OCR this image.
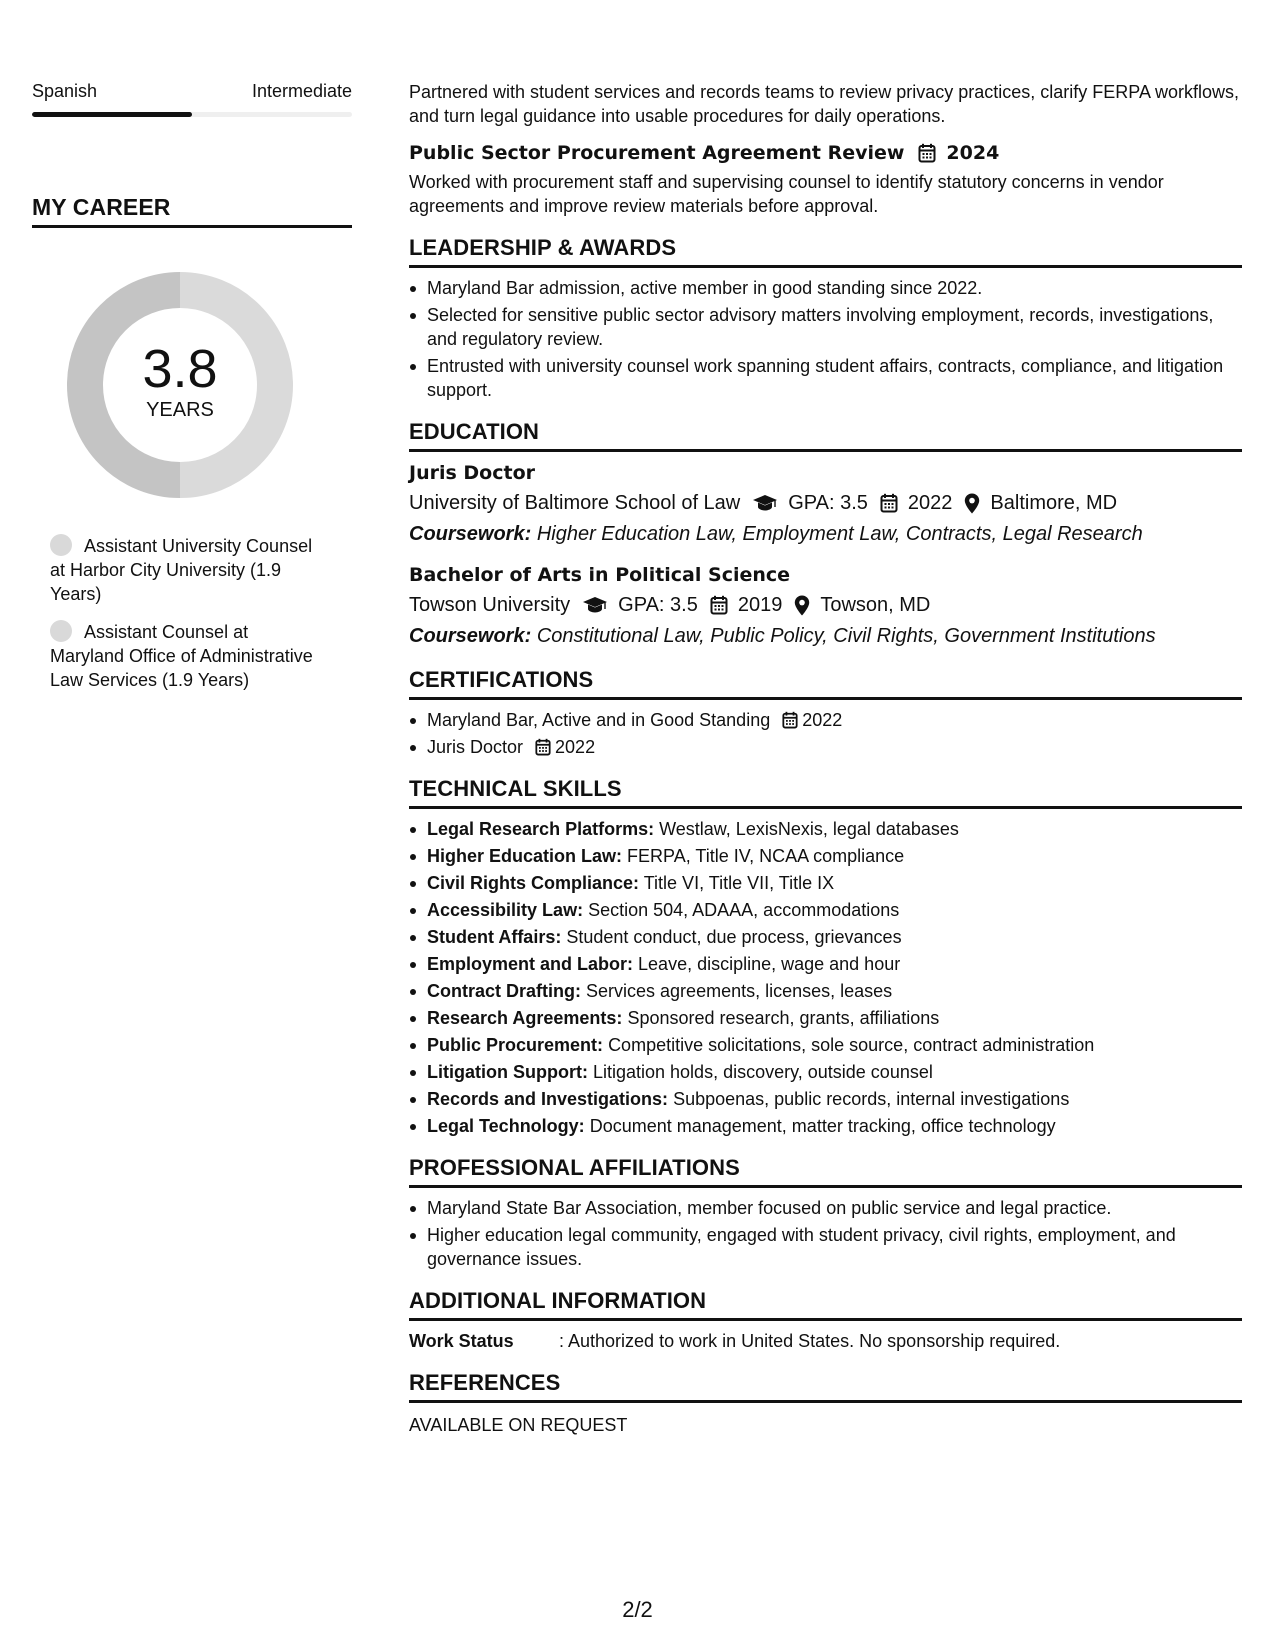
Spanish	Intermediate
MY CAREER
3.8
YEARS
Assistant University Counsel at Harbor City University (1.9 Years)
Assistant Counsel at Maryland Office of Administrative Law Services (1.9 Years)

Partnered with student services and records teams to review privacy practices, clarify FERPA workflows, and turn legal guidance into usable procedures for daily operations.

Public Sector Procurement Agreement Review 2024

Worked with procurement staff and supervising counsel to identify statutory concerns in vendor agreements and improve review materials before approval.

LEADERSHIP & AWARDS
Maryland Bar admission, active member in good standing since 2022.
Selected for sensitive public sector advisory matters involving employment, records, investigations, and regulatory review.
Entrusted with university counsel work spanning student affairs, contracts, compliance, and litigation support.
EDUCATION
Juris Doctor
University of Baltimore School of Law GPA: 3.5 2022 Baltimore, MD
Coursework: Higher Education Law, Employment Law, Contracts, Legal Research
Bachelor of Arts in Political Science
Towson University GPA: 3.5 2019 Towson, MD
Coursework: Constitutional Law, Public Policy, Civil Rights, Government Institutions
CERTIFICATIONS
Maryland Bar, Active and in Good Standing 2022
Juris Doctor 2022
TECHNICAL SKILLS
Legal Research Platforms: Westlaw, LexisNexis, legal databases
Higher Education Law: FERPA, Title IV, NCAA compliance
Civil Rights Compliance: Title VI, Title VII, Title IX
Accessibility Law: Section 504, ADAAA, accommodations
Student Affairs: Student conduct, due process, grievances
Employment and Labor: Leave, discipline, wage and hour
Contract Drafting: Services agreements, licenses, leases
Research Agreements: Sponsored research, grants, affiliations
Public Procurement: Competitive solicitations, sole source, contract administration
Litigation Support: Litigation holds, discovery, outside counsel
Records and Investigations: Subpoenas, public records, internal investigations
Legal Technology: Document management, matter tracking, office technology
PROFESSIONAL AFFILIATIONS
Maryland State Bar Association, member focused on public service and legal practice.
Higher education legal community, engaged with student privacy, civil rights, employment, and governance issues.
ADDITIONAL INFORMATION
Work Status	: Authorized to work in United States. No sponsorship required.
REFERENCES
AVAILABLE ON REQUEST
2/2
